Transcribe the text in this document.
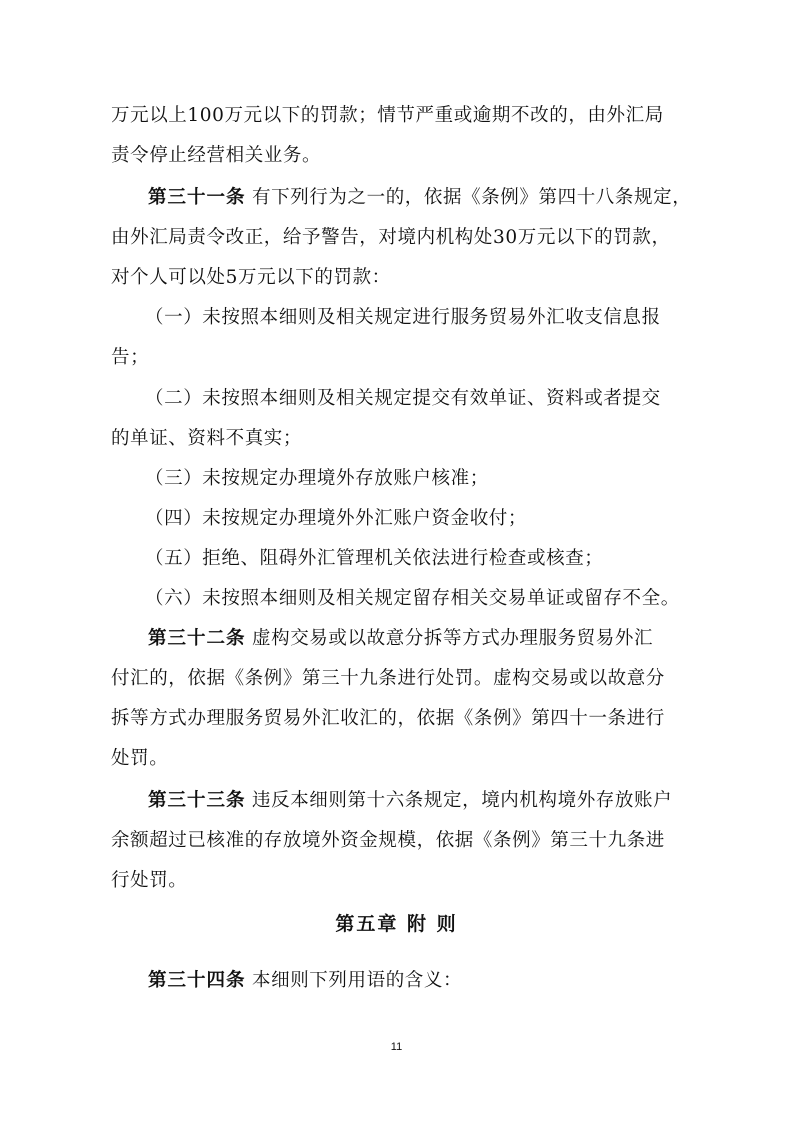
万元以上100万元以下的罚款；情节严重或逾期不改的，由外汇局
责令停止经营相关业务。
第三十一条 有下列行为之一的，依据《条例》第四十八条规定，
由外汇局责令改正，给予警告，对境内机构处30万元以下的罚款，
对个人可以处5万元以下的罚款：
（一）未按照本细则及相关规定进行服务贸易外汇收支信息报
告；
（二）未按照本细则及相关规定提交有效单证、资料或者提交
的单证、资料不真实；
（三）未按规定办理境外存放账户核准；
（四）未按规定办理境外外汇账户资金收付；
（五）拒绝、阻碍外汇管理机关依法进行检查或核查；
（六）未按照本细则及相关规定留存相关交易单证或留存不全。
第三十二条 虚构交易或以故意分拆等方式办理服务贸易外汇
付汇的，依据《条例》第三十九条进行处罚。虚构交易或以故意分
拆等方式办理服务贸易外汇收汇的，依据《条例》第四十一条进行
处罚。
第三十三条 违反本细则第十六条规定，境内机构境外存放账户
余额超过已核准的存放境外资金规模，依据《条例》第三十九条进
行处罚。
第五章 附 则
第三十四条 本细则下列用语的含义：
11
